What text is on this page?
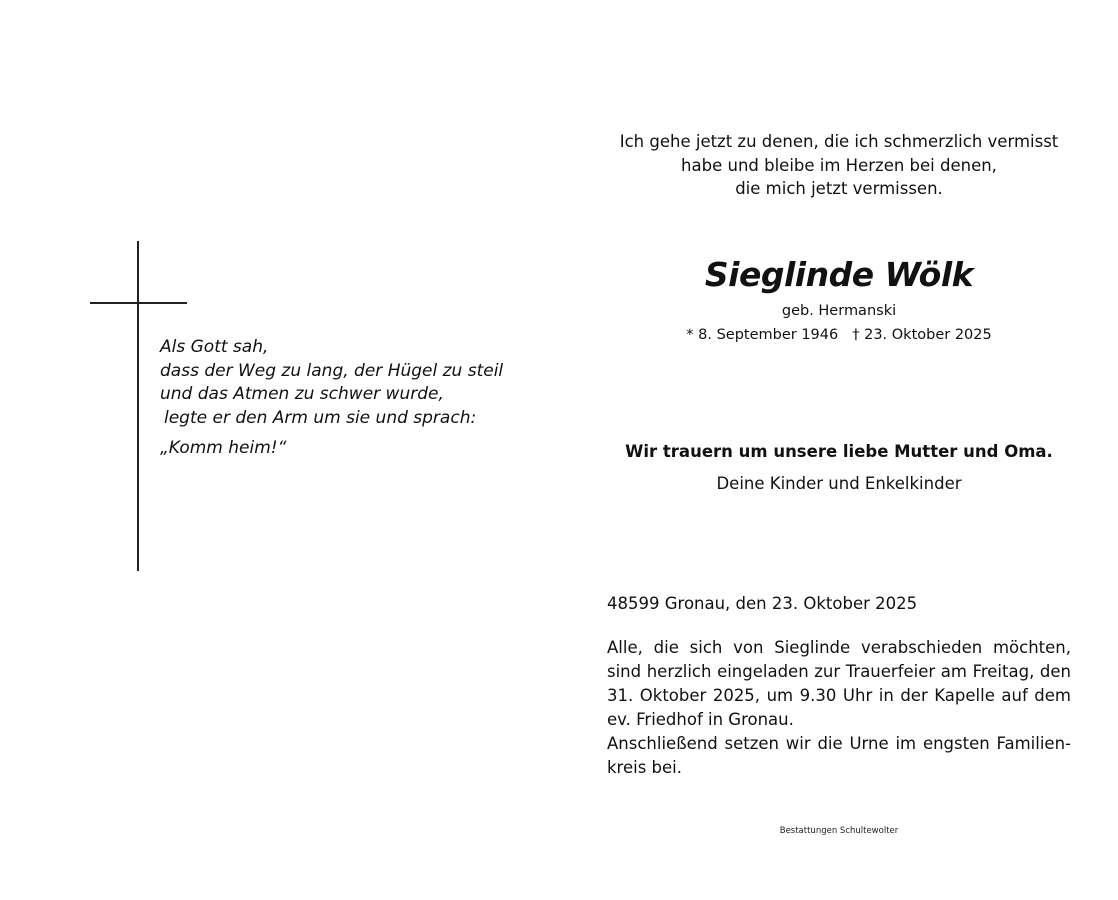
Als Gott sah,
dass der Weg zu lang, der Hügel zu steil
und das Atmen zu schwer wurde,
legte er den Arm um sie und sprach:
„Komm heim!“
Ich gehe jetzt zu denen, die ich schmerzlich vermisst
habe und bleibe im Herzen bei denen,
die mich jetzt vermissen.
Sieglinde Wölk
geb. Hermanski
* 8. September 1946 † 23. Oktober 2025
Wir trauern um unsere liebe Mutter und Oma.
Deine Kinder und Enkelkinder
48599 Gronau, den 23. Oktober 2025
Alle, die sich von Sieglinde verabschieden möchten,
sind herzlich eingeladen zur Trauerfeier am Freitag, den
31. Oktober 2025, um 9.30 Uhr in der Kapelle auf dem
ev. Friedhof in Gronau.
Anschließend setzen wir die Urne im engsten Familien-
kreis bei.
Bestattungen Schultewolter
